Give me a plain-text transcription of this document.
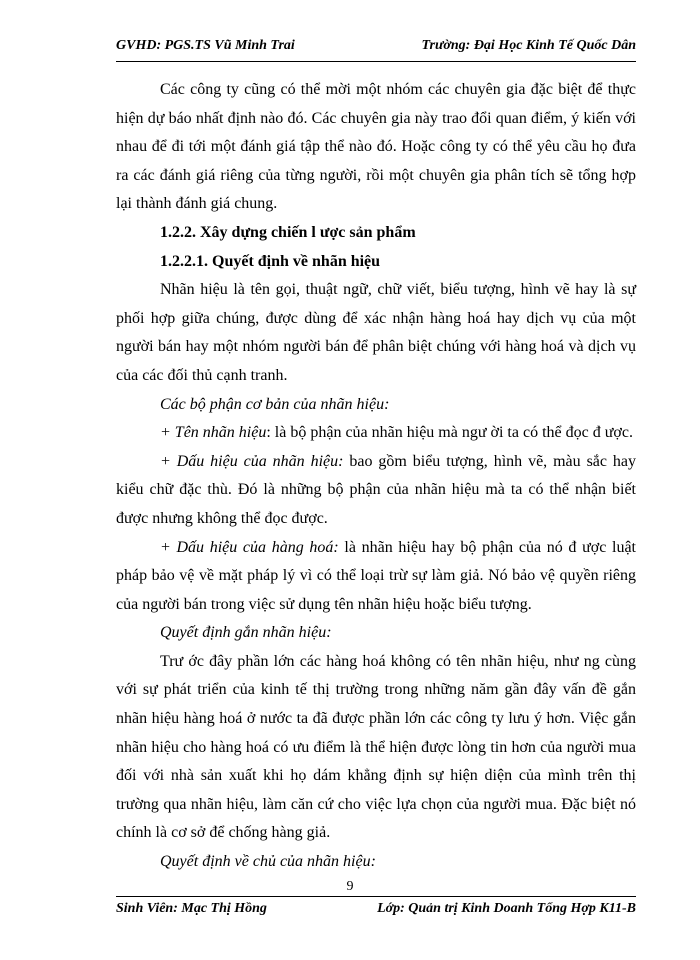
GVHD: PGS.TS Vũ Minh Trai	Trường: Đại Học Kinh Tế Quốc Dân

Các công ty cũng có thể mời một nhóm các chuyên gia đặc biệt để thực hiện dự báo nhất định nào đó. Các chuyên gia này trao đổi quan điểm, ý kiến với nhau để đi tới một đánh giá tập thể nào đó. Hoặc công ty có thể yêu cầu họ đưa ra các đánh giá riêng của từng người, rồi một chuyên gia phân tích sẽ tổng hợp lại thành đánh giá chung.

1.2.2. Xây dựng chiến l ược sản phẩm

1.2.2.1. Quyết định về nhãn hiệu

Nhãn hiệu là tên gọi, thuật ngữ, chữ viết, biểu tượng, hình vẽ hay là sự phối hợp giữa chúng, được dùng để xác nhận hàng hoá hay dịch vụ của một người bán hay một nhóm người bán để phân biệt chúng với hàng hoá và dịch vụ của các đối thủ cạnh tranh.

Các bộ phận cơ bản của nhãn hiệu:

+ Tên nhãn hiệu: là bộ phận của nhãn hiệu mà ngư ời ta có thể đọc đ ược.

+ Dấu hiệu của nhãn hiệu: bao gồm biểu tượng, hình vẽ, màu sắc hay kiểu chữ đặc thù. Đó là những bộ phận của nhãn hiệu mà ta có thể nhận biết được nhưng không thể đọc được.

+ Dấu hiệu của hàng hoá: là nhãn hiệu hay bộ phận của nó đ ược luật pháp bảo vệ về mặt pháp lý vì có thể loại trừ sự làm giả. Nó bảo vệ quyền riêng của người bán trong việc sử dụng tên nhãn hiệu hoặc biểu tượng.

Quyết định gắn nhãn hiệu:

Trư ớc đây phần lớn các hàng hoá không có tên nhãn hiệu, như ng cùng với sự phát triển của kinh tế thị trường trong những năm gần đây vấn đề gắn nhãn hiệu hàng hoá ở nước ta đã được phần lớn các công ty lưu ý hơn. Việc gắn nhãn hiệu cho hàng hoá có ưu điểm là thể hiện được lòng tin hơn của người mua đối với nhà sản xuất khi họ dám khẳng định sự hiện diện của mình trên thị trường qua nhãn hiệu, làm căn cứ cho việc lựa chọn của người mua. Đặc biệt nó chính là cơ sở để chống hàng giả.

Quyết định về chủ của nhãn hiệu:

9
Sinh Viên: Mạc Thị Hồng	Lớp: Quản trị Kinh Doanh Tổng Hợp K11-B
